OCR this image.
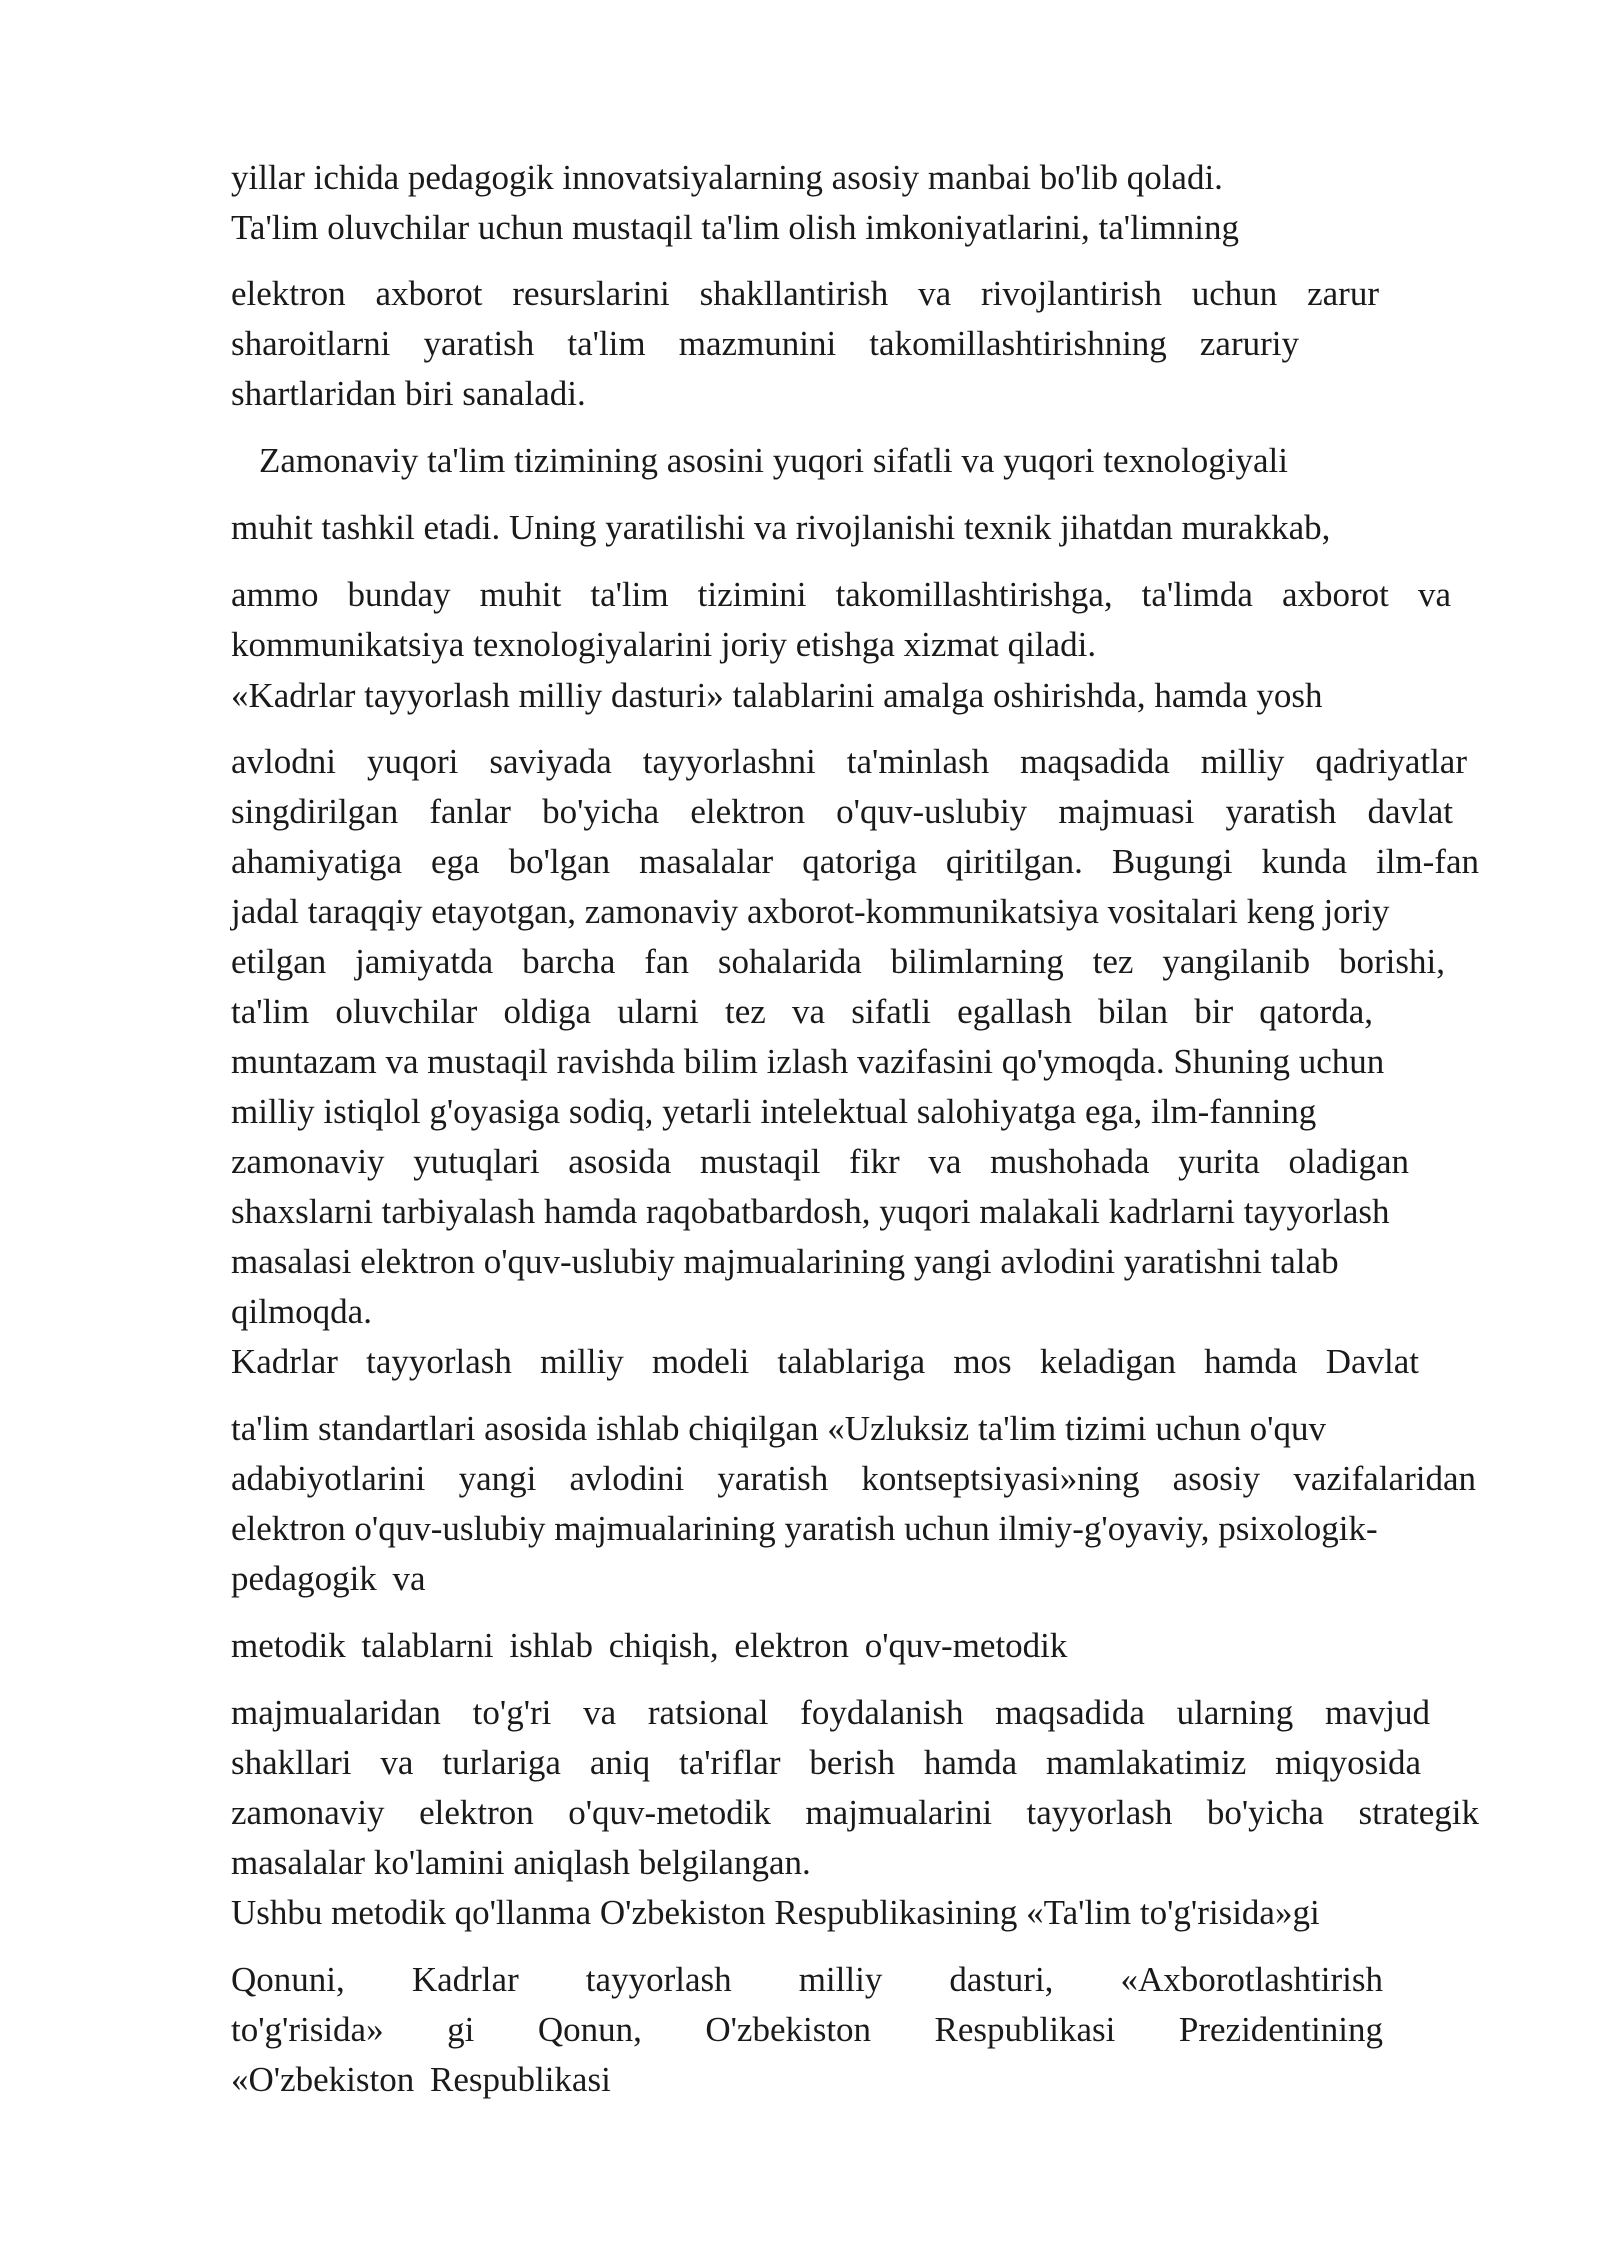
yillar ichida pedagogik innovatsiyalarning asosiy manbai bo'lib qoladi.
Ta'lim oluvchilar uchun mustaqil ta'lim olish imkoniyatlarini, ta'limning
elektron axborot resurslarini shakllantirish va rivojlantirish uchun zarur
sharoitlarni yaratish ta'lim mazmunini takomillashtirishning zaruriy
shartlaridan biri sanaladi.
Zamonaviy ta'lim tizimining asosini yuqori sifatli va yuqori texnologiyali
muhit tashkil etadi. Uning yaratilishi va rivojlanishi texnik jihatdan murakkab,
ammo bunday muhit ta'lim tizimini takomillashtirishga, ta'limda axborot va
kommunikatsiya texnologiyalarini joriy etishga xizmat qiladi.
«Kadrlar tayyorlash milliy dasturi» talablarini amalga oshirishda, hamda yosh
avlodni yuqori saviyada tayyorlashni ta'minlash maqsadida milliy qadriyatlar
singdirilgan fanlar bo'yicha elektron o'quv-uslubiy majmuasi yaratish davlat
ahamiyatiga ega bo'lgan masalalar qatoriga qiritilgan. Bugungi kunda ilm-fan
jadal taraqqiy etayotgan, zamonaviy axborot-kommunikatsiya vositalari keng joriy
etilgan jamiyatda barcha fan sohalarida bilimlarning tez yangilanib borishi,
ta'lim oluvchilar oldiga ularni tez va sifatli egallash bilan bir qatorda,
muntazam va mustaqil ravishda bilim izlash vazifasini qo'ymoqda. Shuning uchun
milliy istiqlol g'oyasiga sodiq, yetarli intelektual salohiyatga ega, ilm-fanning
zamonaviy yutuqlari asosida mustaqil fikr va mushohada yurita oladigan
shaxslarni tarbiyalash hamda raqobatbardosh, yuqori malakali kadrlarni tayyorlash
masalasi elektron o'quv-uslubiy majmualarining yangi avlodini yaratishni talab
qilmoqda.
Kadrlar tayyorlash milliy modeli talablariga mos keladigan hamda Davlat
ta'lim standartlari asosida ishlab chiqilgan «Uzluksiz ta'lim tizimi uchun o'quv
adabiyotlarini yangi avlodini yaratish kontseptsiyasi»ning asosiy vazifalaridan
elektron o'quv-uslubiy majmualarining yaratish uchun ilmiy-g'oyaviy, psixologik-
pedagogik va
metodik talablarni ishlab chiqish, elektron o'quv-metodik
majmualaridan to'g'ri va ratsional foydalanish maqsadida ularning mavjud
shakllari va turlariga aniq ta'riflar berish hamda mamlakatimiz miqyosida
zamonaviy elektron o'quv-metodik majmualarini tayyorlash bo'yicha strategik
masalalar ko'lamini aniqlash belgilangan.
Ushbu metodik qo'llanma O'zbekiston Respublikasining «Ta'lim to'g'risida»gi
Qonuni, Kadrlar tayyorlash milliy dasturi, «Axborotlashtirish
to'g'risida» gi Qonun, O'zbekiston Respublikasi Prezidentining
«O'zbekiston Respublikasi
